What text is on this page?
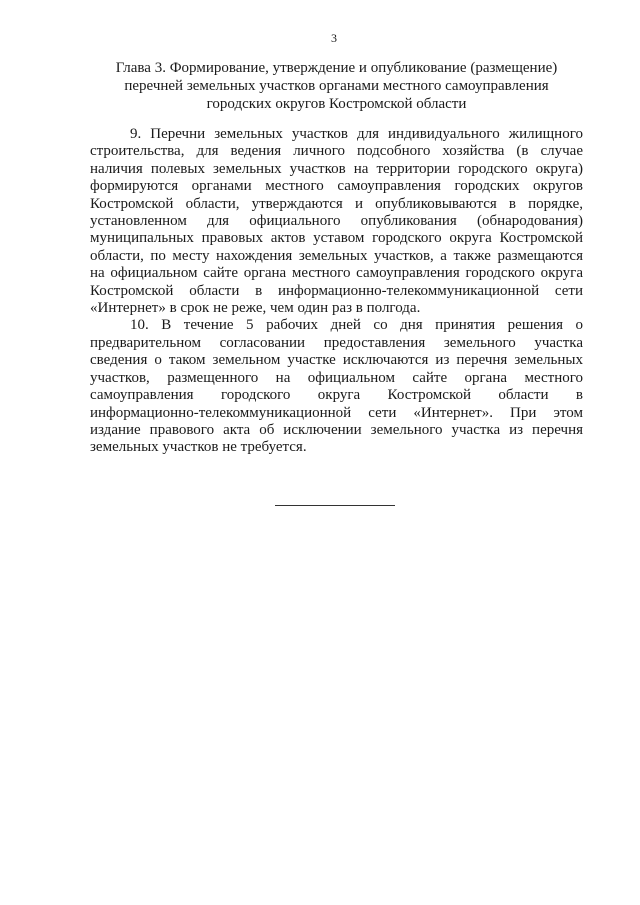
3
Глава 3. Формирование, утверждение и опубликование (размещение)
перечней земельных участков органами местного самоуправления
городских округов Костромской области
9. Перечни земельных участков для индивидуального жилищного
строительства, для ведения личного подсобного хозяйства (в случае
наличия полевых земельных участков на территории городского округа)
формируются органами местного самоуправления городских округов
Костромской области, утверждаются и опубликовываются в порядке,
установленном для официального опубликования (обнародования)
муниципальных правовых актов уставом городского округа Костромской
области, по месту нахождения земельных участков, а также размещаются
на официальном сайте органа местного самоуправления городского округа
Костромской области в информационно-телекоммуникационной сети
«Интернет» в срок не реже, чем один раз в полгода.
10. В течение 5 рабочих дней со дня принятия решения о
предварительном согласовании предоставления земельного участка
сведения о таком земельном участке исключаются из перечня земельных
участков, размещенного на официальном сайте органа местного
самоуправления городского округа Костромской области в
информационно-телекоммуникационной сети «Интернет». При этом
издание правового акта об исключении земельного участка из перечня
земельных участков не требуется.
